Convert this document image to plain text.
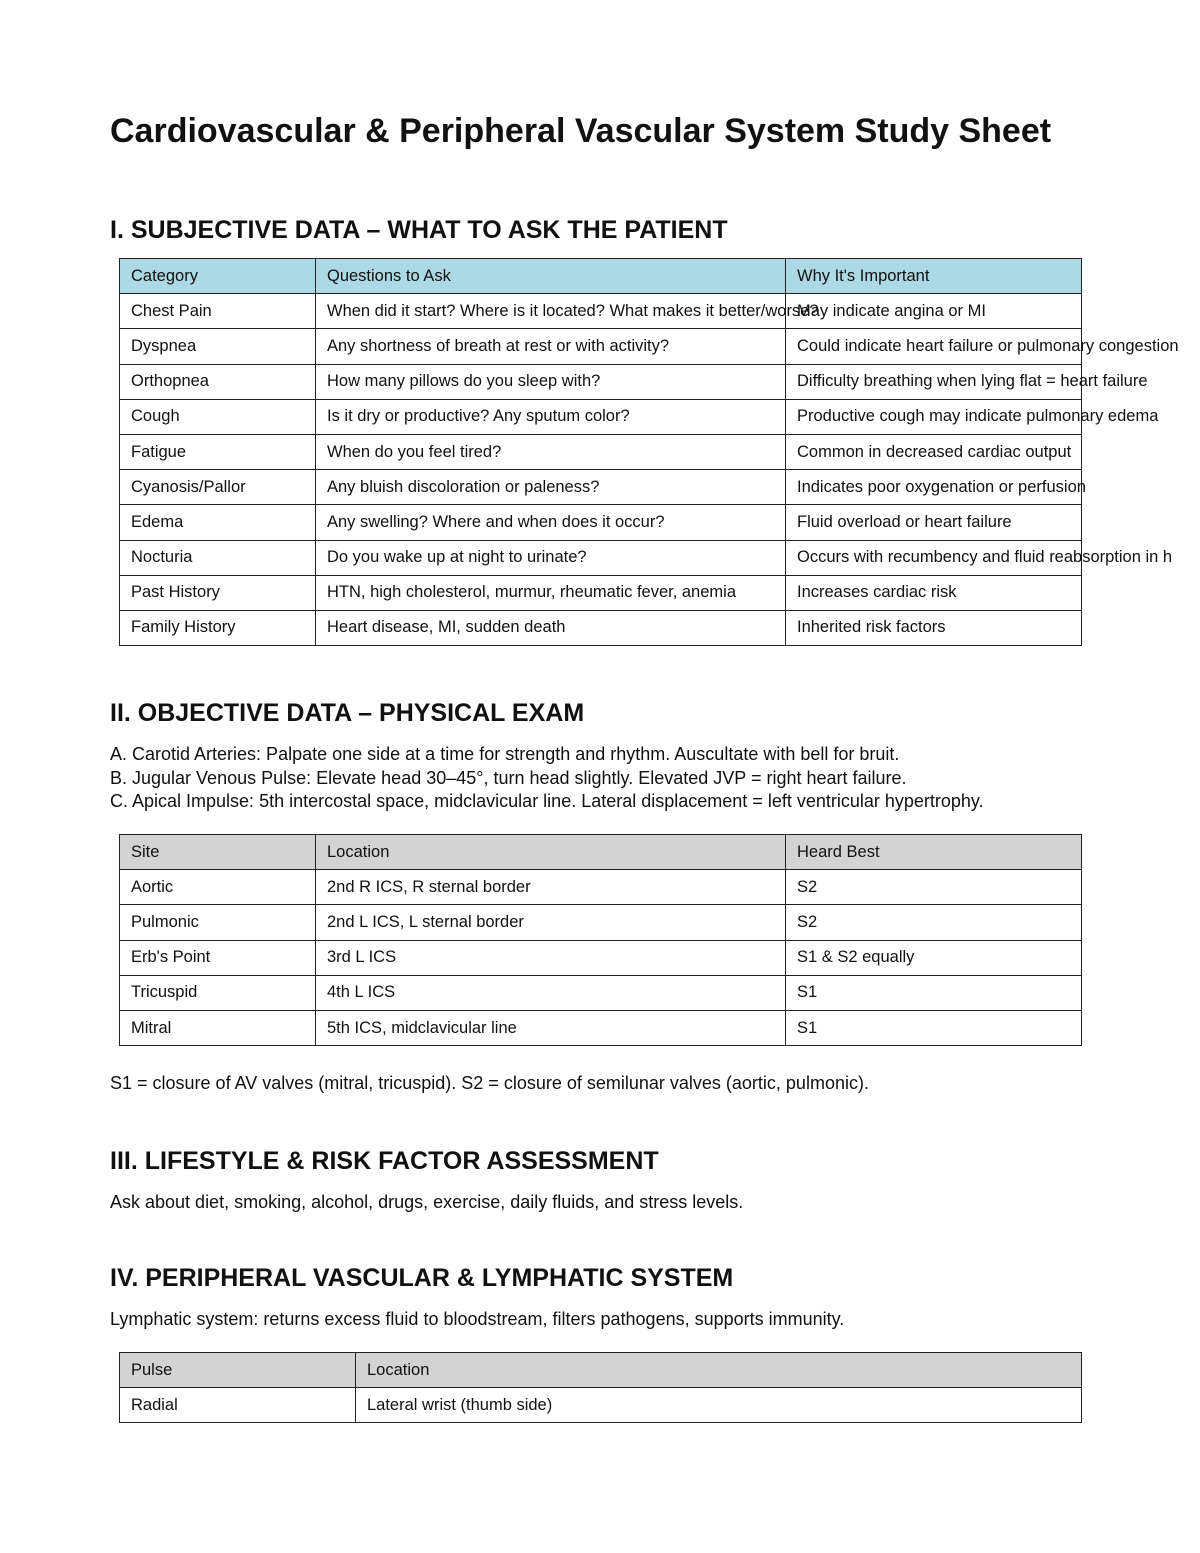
Cardiovascular & Peripheral Vascular System Study Sheet
I. SUBJECTIVE DATA – WHAT TO ASK THE PATIENT
Category	Questions to Ask	Why It's Important
Chest Pain	When did it start? Where is it located? What makes it better/worse?	May indicate angina or MI
Dyspnea	Any shortness of breath at rest or with activity?	Could indicate heart failure or pulmonary congestion
Orthopnea	How many pillows do you sleep with?	Difficulty breathing when lying flat = heart failure
Cough	Is it dry or productive? Any sputum color?	Productive cough may indicate pulmonary edema
Fatigue	When do you feel tired?	Common in decreased cardiac output
Cyanosis/Pallor	Any bluish discoloration or paleness?	Indicates poor oxygenation or perfusion
Edema	Any swelling? Where and when does it occur?	Fluid overload or heart failure
Nocturia	Do you wake up at night to urinate?	Occurs with recumbency and fluid reabsorption in h
Past History	HTN, high cholesterol, murmur, rheumatic fever, anemia	Increases cardiac risk
Family History	Heart disease, MI, sudden death	Inherited risk factors
II. OBJECTIVE DATA – PHYSICAL EXAM

A. Carotid Arteries: Palpate one side at a time for strength and rhythm. Auscultate with bell for bruit.

B. Jugular Venous Pulse: Elevate head 30–45°, turn head slightly. Elevated JVP = right heart failure.

C. Apical Impulse: 5th intercostal space, midclavicular line. Lateral displacement = left ventricular hypertrophy.

Site	Location	Heard Best
Aortic	2nd R ICS, R sternal border	S2
Pulmonic	2nd L ICS, L sternal border	S2
Erb's Point	3rd L ICS	S1 & S2 equally
Tricuspid	4th L ICS	S1
Mitral	5th ICS, midclavicular line	S1

S1 = closure of AV valves (mitral, tricuspid). S2 = closure of semilunar valves (aortic, pulmonic).

III. LIFESTYLE & RISK FACTOR ASSESSMENT

Ask about diet, smoking, alcohol, drugs, exercise, daily fluids, and stress levels.

IV. PERIPHERAL VASCULAR & LYMPHATIC SYSTEM

Lymphatic system: returns excess fluid to bloodstream, filters pathogens, supports immunity.

Pulse	Location
Radial	Lateral wrist (thumb side)
